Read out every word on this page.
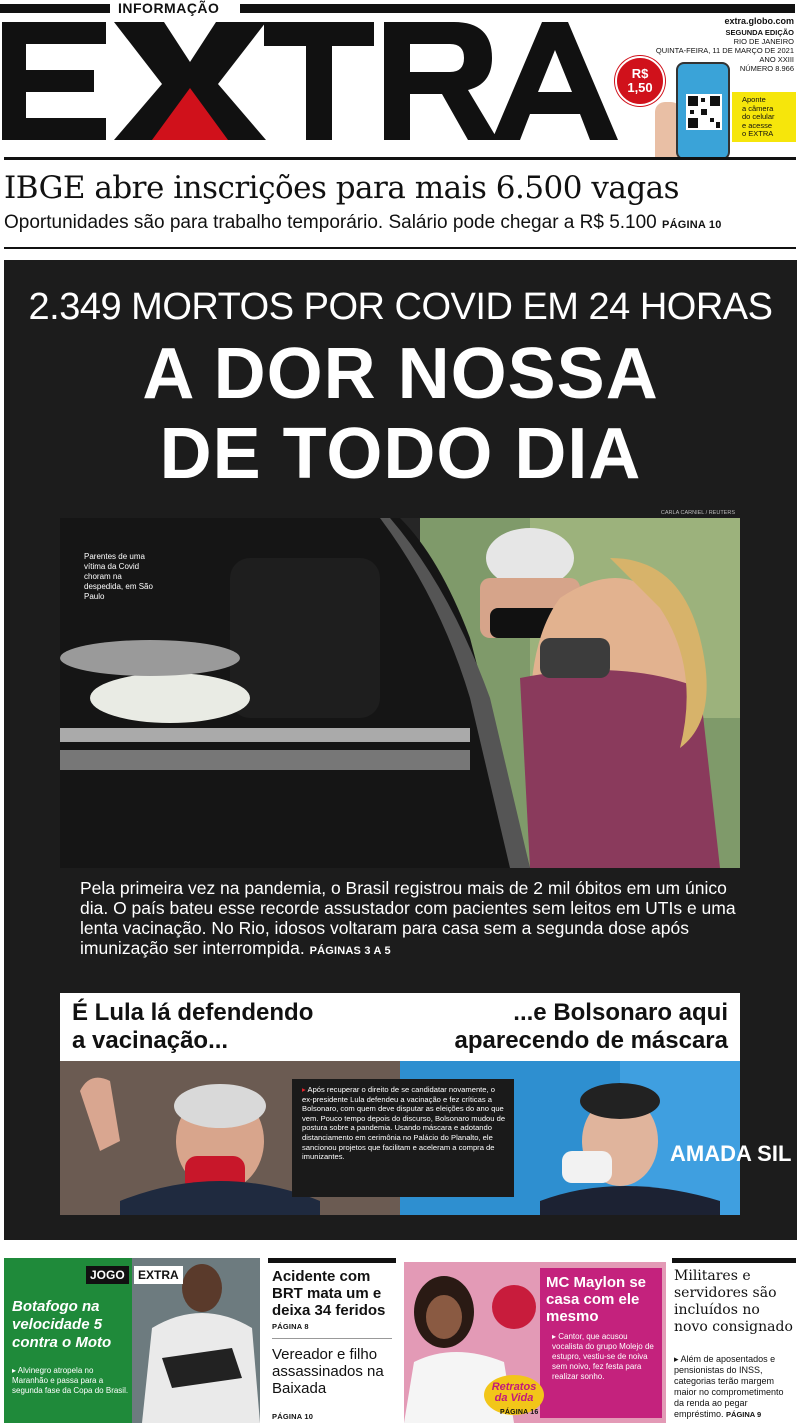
INFORMAÇÃO
extra.globo.com
SEGUNDA EDIÇÃO
RIO DE JANEIRO
QUINTA-FEIRA, 11 DE MARÇO DE 2021
ANO XXIII
NÚMERO 8.966
R$
1,50
Aponte
a câmera
do celular
e acesse
o EXTRA
IBGE abre inscrições para mais 6.500 vagas
Oportunidades são para trabalho temporário. Salário pode chegar a R$ 5.100 PÁGINA 10
2.349 MORTOS POR COVID EM 24 HORAS
A DOR NOSSA
DE TODO DIA
CARLA CARNIEL / REUTERS
Parentes de uma vítima da Covid choram na despedida, em São Paulo
Pela primeira vez na pandemia, o Brasil registrou mais de 2 mil óbitos em um único dia. O país bateu esse recorde assustador com pacientes sem leitos em UTIs e uma lenta vacinação. No Rio, idosos voltaram para casa sem a segunda dose após imunização ser interrompida. PÁGINAS 3 A 5
É Lula lá defendendo
a vacinação...
...e Bolsonaro aqui
aparecendo de máscara
AMADA SIL
▸ Após recuperar o direito de se candidatar novamente, o ex-presidente Lula defendeu a vacinação e fez críticas a Bolsonaro, com quem deve disputar as eleições do ano que vem. Pouco tempo depois do discurso, Bolsonaro mudou de postura sobre a pandemia. Usando máscara e adotando distanciamento em cerimônia no Palácio do Planalto, ele sancionou projetos que facilitam e aceleram a compra de imunizantes.
JOGO	EXTRA
Botafogo na velocidade 5 contra o Moto
▸ Alvinegro atropela no Maranhão e passa para a segunda fase da Copa do Brasil.
Acidente com BRT mata um e deixa 34 feridos
PÁGINA 8
Vereador e filho assassinados na Baixada
PÁGINA 10
MC Maylon se casa com ele mesmo
▸ Cantor, que acusou vocalista do grupo Molejo de estupro, vestiu-se de noiva sem noivo, fez festa para realizar sonho.
Retratos da Vida
PÁGINA 16
Militares e servidores são incluídos no novo consignado
▸ Além de aposentados e pensionistas do INSS, categorias terão margem maior no comprometimento da renda ao pegar empréstimo. PÁGINA 9
